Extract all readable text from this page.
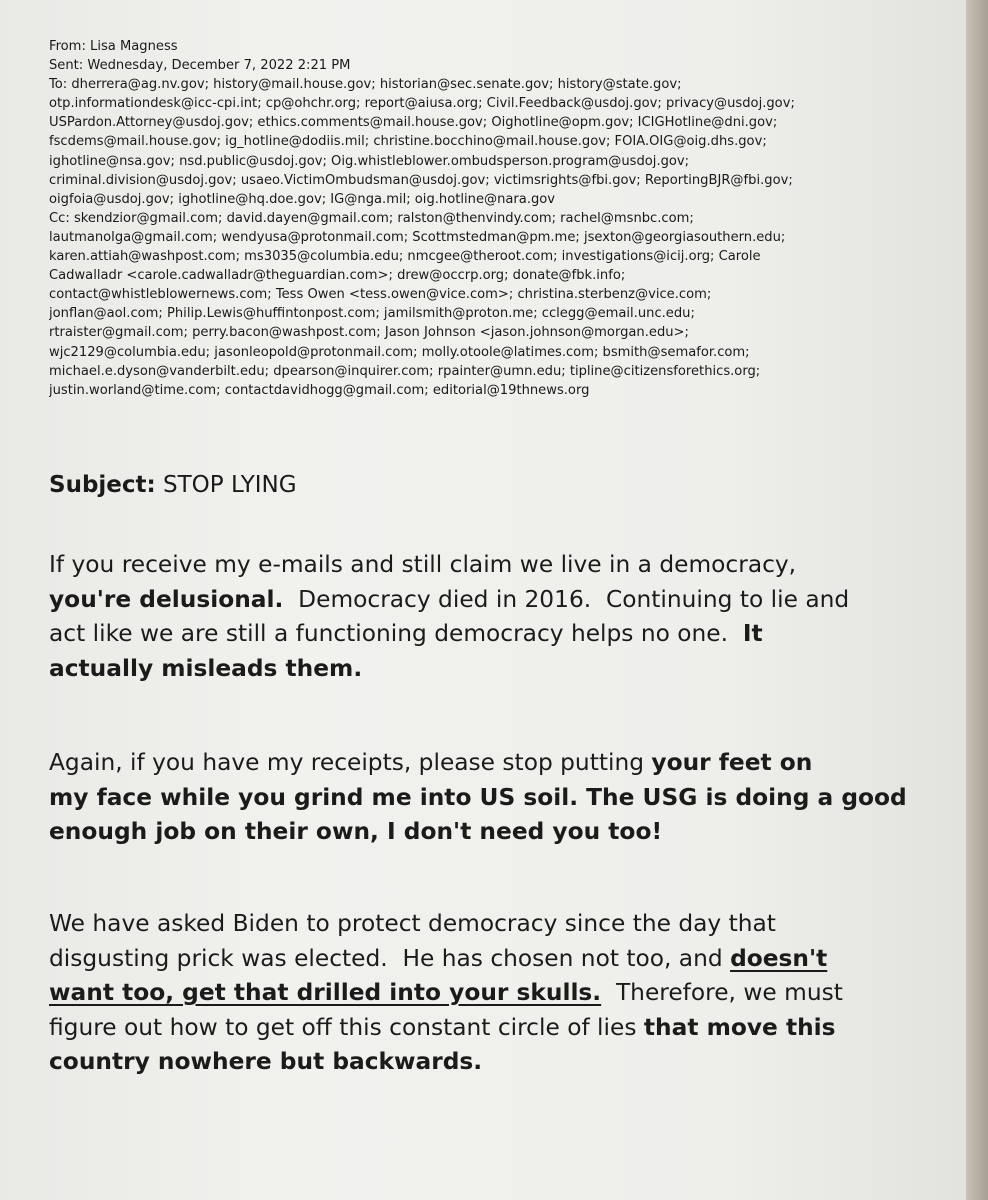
From: Lisa Magness
Sent: Wednesday, December 7, 2022 2:21 PM
To: dherrera@ag.nv.gov; history@mail.house.gov; historian@sec.senate.gov; history@state.gov;
otp.informationdesk@icc-cpi.int; cp@ohchr.org; report@aiusa.org; Civil.Feedback@usdoj.gov; privacy@usdoj.gov;
USPardon.Attorney@usdoj.gov; ethics.comments@mail.house.gov; Oighotline@opm.gov; ICIGHotline@dni.gov;
fscdems@mail.house.gov; ig_hotline@dodiis.mil; christine.bocchino@mail.house.gov; FOIA.OIG@oig.dhs.gov;
ighotline@nsa.gov; nsd.public@usdoj.gov; Oig.whistleblower.ombudsperson.program@usdoj.gov;
criminal.division@usdoj.gov; usaeo.VictimOmbudsman@usdoj.gov; victimsrights@fbi.gov; ReportingBJR@fbi.gov;
oigfoia@usdoj.gov; ighotline@hq.doe.gov; IG@nga.mil; oig.hotline@nara.gov
Cc: skendzior@gmail.com; david.dayen@gmail.com; ralston@thenvindy.com; rachel@msnbc.com;
lautmanolga@gmail.com; wendyusa@protonmail.com; Scottmstedman@pm.me; jsexton@georgiasouthern.edu;
karen.attiah@washpost.com; ms3035@columbia.edu; nmcgee@theroot.com; investigations@icij.org; Carole
Cadwalladr <carole.cadwalladr@theguardian.com>; drew@occrp.org; donate@fbk.info;
contact@whistleblowernews.com; Tess Owen <tess.owen@vice.com>; christina.sterbenz@vice.com;
jonflan@aol.com; Philip.Lewis@huffintonpost.com; jamilsmith@proton.me; cclegg@email.unc.edu;
rtraister@gmail.com; perry.bacon@washpost.com; Jason Johnson <jason.johnson@morgan.edu>;
wjc2129@columbia.edu; jasonleopold@protonmail.com; molly.otoole@latimes.com; bsmith@semafor.com;
michael.e.dyson@vanderbilt.edu; dpearson@inquirer.com; rpainter@umn.edu; tipline@citizensforethics.org;
justin.worland@time.com; contactdavidhogg@gmail.com; editorial@19thnews.org
Subject: STOP LYING
If you receive my e-mails and still claim we live in a democracy,
you're delusional.  Democracy died in 2016.  Continuing to lie and
act like we are still a functioning democracy helps no one.  It
actually misleads them.
Again, if you have my receipts, please stop putting your feet on
my face while you grind me into US soil. The USG is doing a good
enough job on their own, I don't need you too!
We have asked Biden to protect democracy since the day that
disgusting prick was elected.  He has chosen not too, and doesn't
want too, get that drilled into your skulls.  Therefore, we must
figure out how to get off this constant circle of lies that move this
country nowhere but backwards.
